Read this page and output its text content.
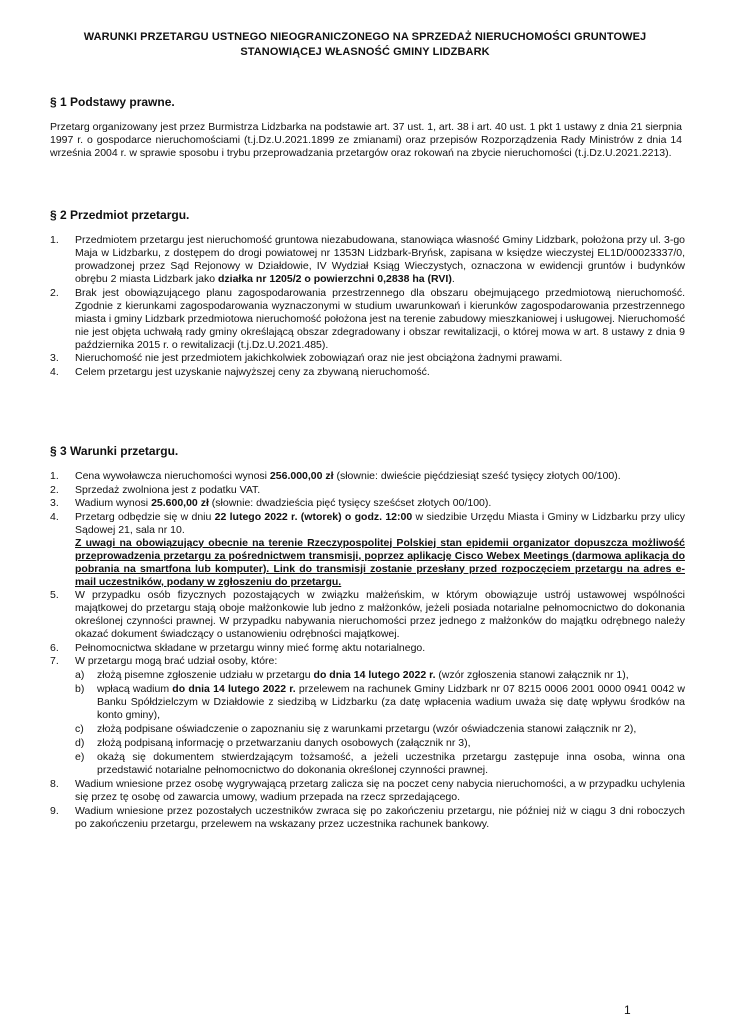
WARUNKI PRZETARGU USTNEGO NIEOGRANICZONEGO NA SPRZEDAŻ NIERUCHOMOŚCI GRUNTOWEJ
STANOWIĄCEJ WŁASNOŚĆ GMINY LIDZBARK
§ 1 Podstawy prawne.
Przetarg organizowany jest przez Burmistrza Lidzbarka na podstawie art. 37 ust. 1, art. 38 i art. 40 ust. 1 pkt 1 ustawy z dnia 21 sierpnia 1997 r. o gospodarce nieruchomościami (t.j.Dz.U.2021.1899 ze zmianami) oraz przepisów Rozporządzenia Rady Ministrów z dnia 14 września 2004 r. w sprawie sposobu i trybu przeprowadzania przetargów oraz rokowań na zbycie nieruchomości (t.j.Dz.U.2021.2213).
§ 2 Przedmiot przetargu.
1. Przedmiotem przetargu jest nieruchomość gruntowa niezabudowana, stanowiąca własność Gminy Lidzbark, położona przy ul. 3-go Maja w Lidzbarku, z dostępem do drogi powiatowej nr 1353N Lidzbark-Bryńsk, zapisana w księdze wieczystej EL1D/00023337/0, prowadzonej przez Sąd Rejonowy w Działdowie, IV Wydział Ksiąg Wieczystych, oznaczona w ewidencji gruntów i budynków obrębu 2 miasta Lidzbark jako działka nr 1205/2 o powierzchni 0,2838 ha (RVI).
2. Brak jest obowiązującego planu zagospodarowania przestrzennego dla obszaru obejmującego przedmiotową nieruchomość. Zgodnie z kierunkami zagospodarowania wyznaczonymi w studium uwarunkowań i kierunków zagospodarowania przestrzennego miasta i gminy Lidzbark przedmiotowa nieruchomość położona jest na terenie zabudowy mieszkaniowej i usługowej. Nieruchomość nie jest objęta uchwałą rady gminy określającą obszar zdegradowany i obszar rewitalizacji, o której mowa w art. 8 ustawy z dnia 9 października 2015 r. o rewitalizacji (t.j.Dz.U.2021.485).
3. Nieruchomość nie jest przedmiotem jakichkolwiek zobowiązań oraz nie jest obciążona żadnymi prawami.
4. Celem przetargu jest uzyskanie najwyższej ceny za zbywaną nieruchomość.
§ 3 Warunki przetargu.
1. Cena wywoławcza nieruchomości wynosi 256.000,00 zł (słownie: dwieście pięćdziesiąt sześć tysięcy złotych 00/100).
2. Sprzedaż zwolniona jest z podatku VAT.
3. Wadium wynosi 25.600,00 zł (słownie: dwadzieścia pięć tysięcy sześćset złotych 00/100).
4. Przetarg odbędzie się w dniu 22 lutego 2022 r. (wtorek) o godz. 12:00 w siedzibie Urzędu Miasta i Gminy w Lidzbarku przy ulicy Sądowej 21, sala nr 10.
Z uwagi na obowiązujący obecnie na terenie Rzeczypospolitej Polskiej stan epidemii organizator dopuszcza możliwość przeprowadzenia przetargu za pośrednictwem transmisji, poprzez aplikację Cisco Webex Meetings (darmowa aplikacja do pobrania na smartfona lub komputer). Link do transmisji zostanie przesłany przed rozpoczęciem przetargu na adres e-mail uczestników, podany w zgłoszeniu do przetargu.
5. W przypadku osób fizycznych pozostających w związku małżeńskim, w którym obowiązuje ustrój ustawowej wspólności majątkowej do przetargu stają oboje małżonkowie lub jedno z małżonków, jeżeli posiada notarialne pełnomocnictwo do dokonania określonej czynności prawnej. W przypadku nabywania nieruchomości przez jednego z małżonków do majątku odrębnego należy okazać dokument świadczący o ustanowieniu odrębności majątkowej.
6. Pełnomocnictwa składane w przetargu winny mieć formę aktu notarialnego.
7. W przetargu mogą brać udział osoby, które:
a) złożą pisemne zgłoszenie udziału w przetargu do dnia 14 lutego 2022 r. (wzór zgłoszenia stanowi załącznik nr 1),
b) wpłacą wadium do dnia 14 lutego 2022 r. przelewem na rachunek Gminy Lidzbark nr 07 8215 0006 2001 0000 0941 0042 w Banku Spółdzielczym w Działdowie z siedzibą w Lidzbarku (za datę wpłacenia wadium uważa się datę wpływu środków na konto gminy),
c) złożą podpisane oświadczenie o zapoznaniu się z warunkami przetargu (wzór oświadczenia stanowi załącznik nr 2),
d) złożą podpisaną informację o przetwarzaniu danych osobowych (załącznik nr 3),
e) okażą się dokumentem stwierdzającym tożsamość, a jeżeli uczestnika przetargu zastępuje inna osoba, winna ona przedstawić notarialne pełnomocnictwo do dokonania określonej czynności prawnej.
8. Wadium wniesione przez osobę wygrywającą przetarg zalicza się na poczet ceny nabycia nieruchomości, a w przypadku uchylenia się przez tę osobę od zawarcia umowy, wadium przepada na rzecz sprzedającego.
9. Wadium wniesione przez pozostałych uczestników zwraca się po zakończeniu przetargu, nie później niż w ciągu 3 dni roboczych po zakończeniu przetargu, przelewem na wskazany przez uczestnika rachunek bankowy.
1
